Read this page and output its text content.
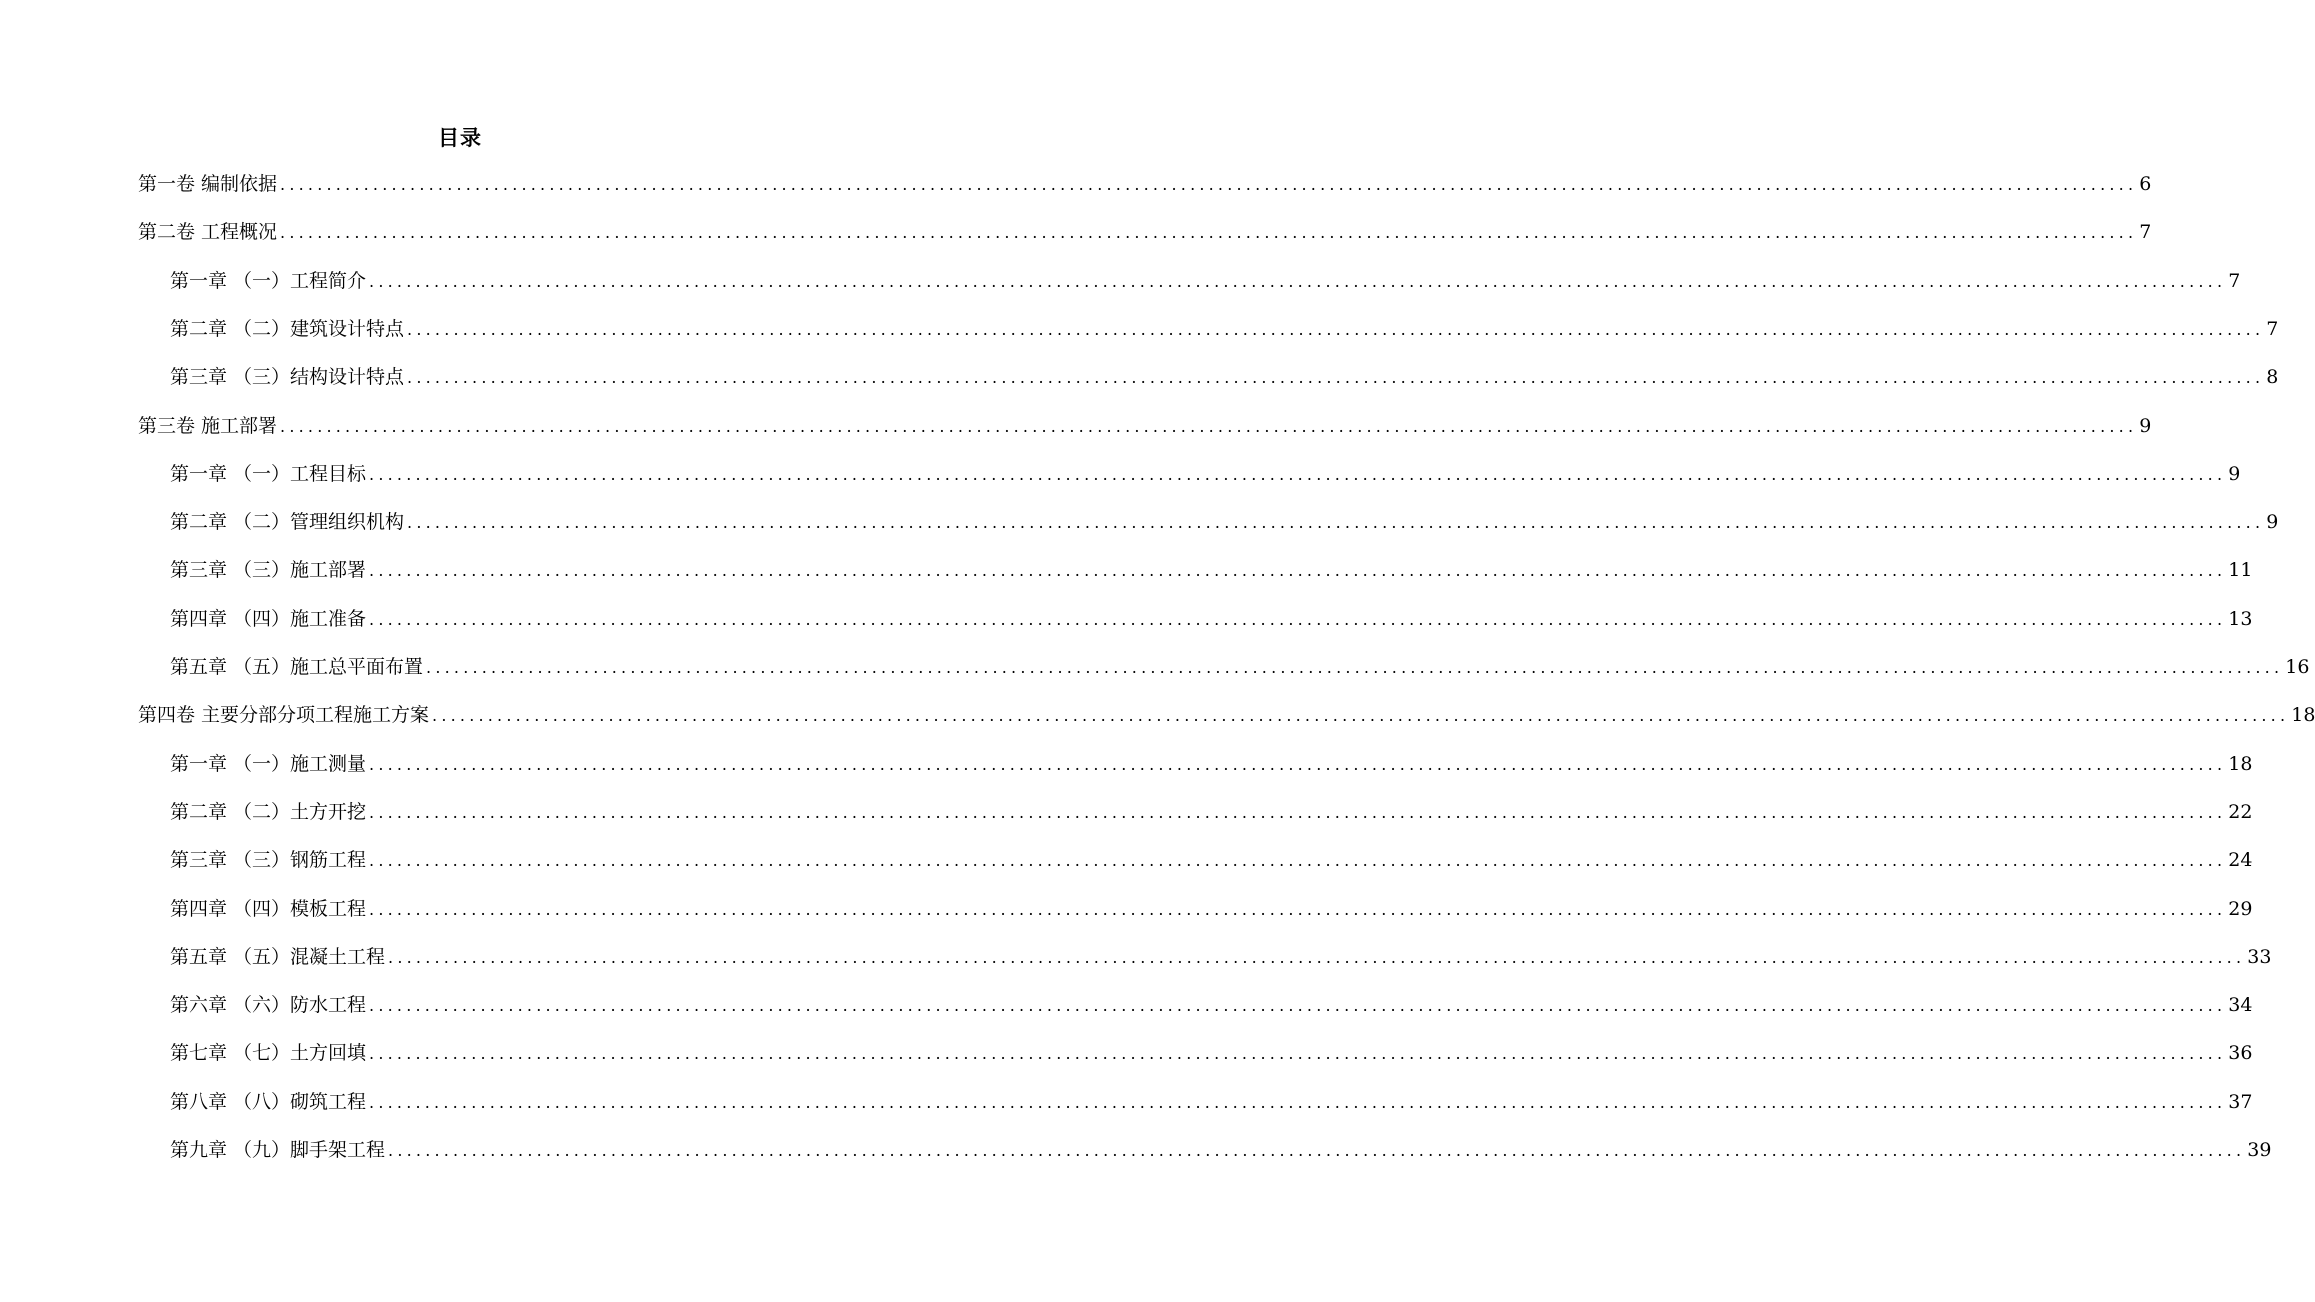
目录
第一卷 编制依据 ........................................................................................................................................................................................................ 6
第二卷 工程概况 ........................................................................................................................................................................................................ 7
第一章 （一）工程简介 ........................................................................................................................................................................................................ 7
第二章 （二）建筑设计特点 ........................................................................................................................................................................................................ 7
第三章 （三）结构设计特点 ........................................................................................................................................................................................................ 8
第三卷 施工部署 ........................................................................................................................................................................................................ 9
第一章 （一）工程目标 ........................................................................................................................................................................................................ 9
第二章 （二）管理组织机构 ........................................................................................................................................................................................................ 9
第三章 （三）施工部署 ........................................................................................................................................................................................................ 11
第四章 （四）施工准备 ........................................................................................................................................................................................................ 13
第五章 （五）施工总平面布置 ........................................................................................................................................................................................................ 16
第四卷 主要分部分项工程施工方案 ........................................................................................................................................................................................................ 18
第一章 （一）施工测量 ........................................................................................................................................................................................................ 18
第二章 （二）土方开挖 ........................................................................................................................................................................................................ 22
第三章 （三）钢筋工程 ........................................................................................................................................................................................................ 24
第四章 （四）模板工程 ........................................................................................................................................................................................................ 29
第五章 （五）混凝土工程 ........................................................................................................................................................................................................ 33
第六章 （六）防水工程 ........................................................................................................................................................................................................ 34
第七章 （七）土方回填 ........................................................................................................................................................................................................ 36
第八章 （八）砌筑工程 ........................................................................................................................................................................................................ 37
第九章 （九）脚手架工程 ........................................................................................................................................................................................................ 39
